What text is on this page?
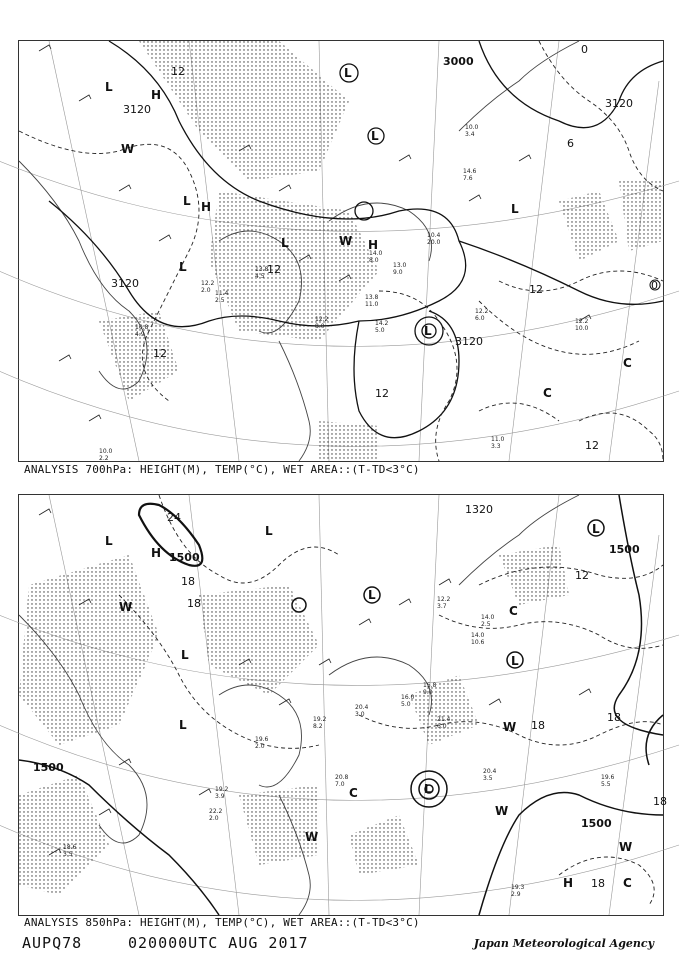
3000
3120	3120
3120
3120
12
12
12
12
12
12
6
0
0
L
L
L
L
L
L
L
H
H
H
W
W
L
C
C
10.8 4.9
12.2 6.0	12.2 10.0
11.0 3.3
10.0 2.2
13.8 11.0
14.2 5.0
12.2 8.0
14.0 8.0
13.0 9.0
11.4 2.5
10.4 20.0
10.0 3.4
14.6 7.6
12.2 2.0
13.8 4.5
ANALYSIS 700hPa: HEIGHT(M), TEMP(°C), WET AREA::(T-TD<3°C)
1500
1500
1500
1500
1320
18
18
18
18
18
18
12
24
L
L
L
L
L
L
L
L
H
H
W
W
W
W
W
C
C
C
19.3 2.9
20.4 3.5	19.6 5.5
20.8 7.0
19.2 3.9
22.2 2.0
16.0 5.0
15.8 9.0
14.0 10.6
12.2 3.7
14.0 2.5
21.4 6.0
19.6 2.0
18.6 3.5
20.4 3.0
19.2 8.2
ANALYSIS 850hPa: HEIGHT(M), TEMP(°C), WET AREA::(T-TD<3°C)
AUPQ78	020000UTC AUG 2017	Japan Meteorological Agency
